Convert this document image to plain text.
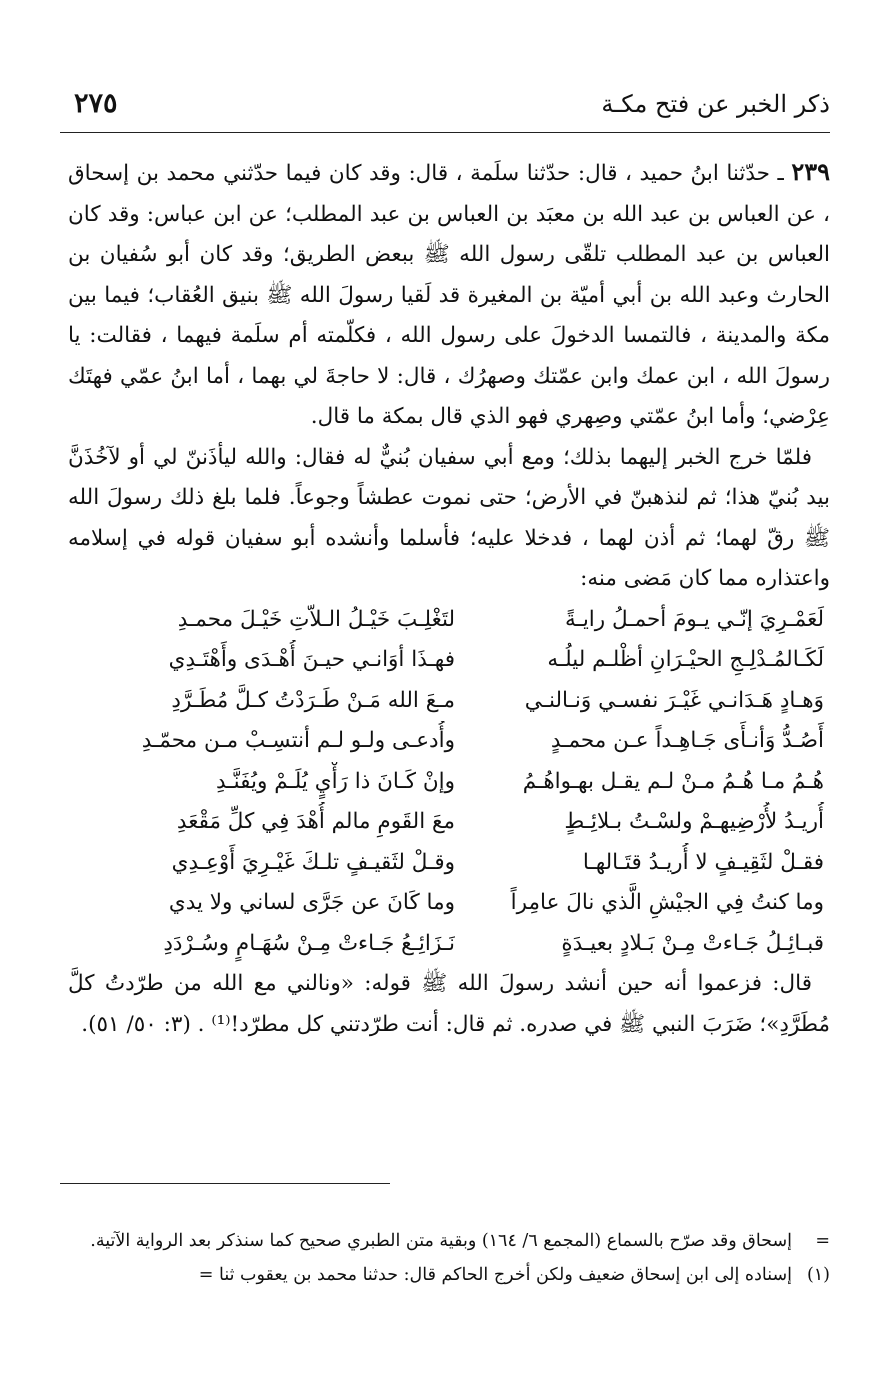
ذكر الخبر عن فتح مكـة
٢٧٥

٢٣٩ ـ حدّثنا ابنُ حميد ، قال: حدّثنا سلَمة ، قال: وقد كان فيما حدّثني محمد بن إسحاق ، عن العباس بن عبد الله بن معبَد بن العباس بن عبد المطلب؛ عن ابن عباس: وقد كان العباس بن عبد المطلب تلقّى رسول الله ﷺ ببعض الطريق؛ وقد كان أبو سُفيان بن الحارث وعبد الله بن أبي أميّة بن المغيرة قد لَقيا رسولَ الله ﷺ بنيق العُقاب؛ فيما بين مكة والمدينة ، فالتمسا الدخولَ على رسول الله ، فكلّمته أم سلَمة فيهما ، فقالت: يا رسولَ الله ، ابن عمك وابن عمّتك وصهرُك ، قال: لا حاجةَ لي بهما ، أما ابنُ عمّي فهتَك عِرْضي؛ وأما ابنُ عمّتي وصِهري فهو الذي قال بمكة ما قال.

فلمّا خرج الخبر إليهما بذلك؛ ومع أبي سفيان بُنيٌّ له فقال: والله ليأذَننّ لي أو لآخُذَنَّ بيد بُنيّ هذا؛ ثم لنذهبنّ في الأرض؛ حتى نموت عطشاً وجوعاً. فلما بلغ ذلك رسولَ الله ﷺ رقّ لهما؛ ثم أذن لهما ، فدخلا عليه؛ فأسلما وأنشده أبو سفيان قوله في إسلامه واعتذاره مما كان مَضى منه:

لَعَمْـرِيَ إنّـي يـومَ أحمـلُ رايـةً
لتَغْلِـبَ خَيْـلُ الـلاّتِ خَيْـلَ محمـدِ
لَكَـالمُـدْلِـجِ الحيْـرَانِ أظْلـم ليلُـه
فهـذَا أوَانـي حيـنَ أُهْـدَى وأَهْتَـدِي
وَهـادٍ هَـدَانـي غَيْـرَ نفسـي وَنـالنـي
مـعَ الله مَـنْ طَـرَدْتُ كـلَّ مُطَـرَّدِ
أَصُـدُّ وَأنـأَى جَـاهِـداً عـن محمـدٍ
وأُدعـى ولـو لـم أنتسِـبْ مـن محمّـدِ
هُـمُ مـا هُـمُ مـنْ لـم يقـل بهـواهُـمُ
وإنْ كَـانَ ذا رَأْيٍ يُلَـمْ ويُفَنَّـدِ
أُريـدُ لأُرْضِيهـمْ ولسْـتُ بـلائِـطٍ
معَ القَومِ مالم أُهْدَ فِي كلِّ مَقْعَدِ
فقـلْ لثَقِيـفٍ لا أُريـدُ قتَـالهـا
وقـلْ لثَقيـفٍ تلـكَ غَيْـرِيَ أَوْعِـدِي
وما كنتُ فِي الجيْشِ الَّذي نالَ عامِراً
وما كَانَ عن جَرَّى لساني ولا يدي
قبـائِـلُ جَـاءتْ مِـنْ بَـلادٍ بعيـدَةٍ
نَـزَائِـعُ جَـاءتْ مِـنْ سُهَـامٍ وسُـرْدَدِ

قال: فزعموا أنه حين أنشد رسولَ الله ﷺ قوله: «ونالني مع الله من طرّدتُ كلَّ مُطَرَّدِ»؛ ضَرَبَ النبي ﷺ في صدره. ثم قال: أنت طرّدتني كل مطرّد!⁽¹⁾ . (٣: ٥٠/ ٥١).

=
إسحاق وقد صرّح بالسماع (المجمع ٦/ ١٦٤) وبقية متن الطبري صحيح كما سنذكر بعد الرواية الآتية.

(١)
إسناده إلى ابن إسحاق ضعيف ولكن أخرج الحاكم قال: حدثنا محمد بن يعقوب ثنا =
